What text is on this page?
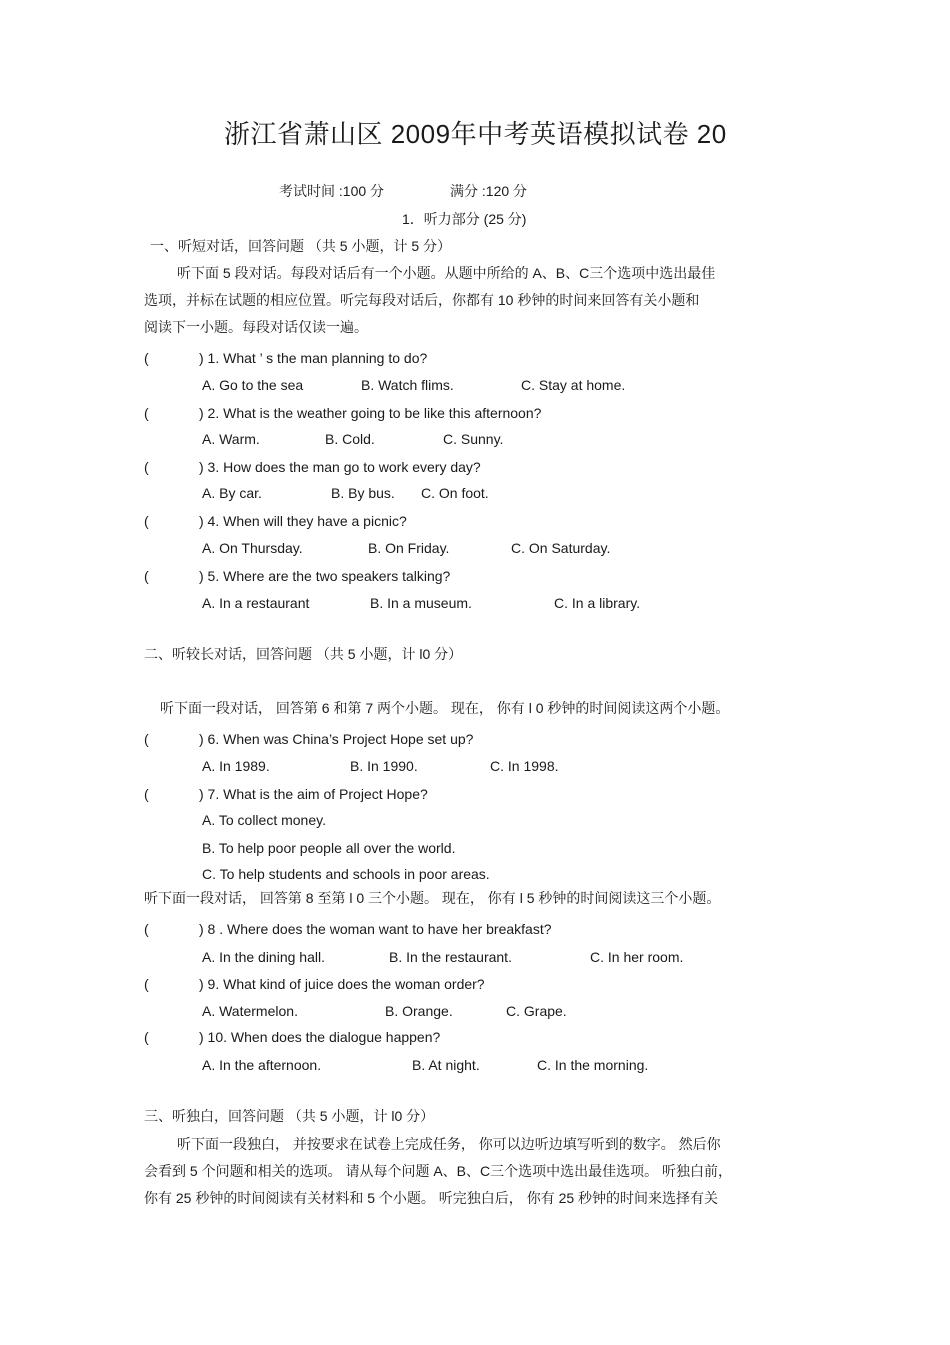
浙江省萧山区 2009年中考英语模拟试卷 20
考试时间 :100 分	满分 :120 分
1．听力部分 (25 分)
一、听短对话，回答问题 （共 5 小题，计 5 分）
听下面 5 段对话。每段对话后有一个小题。从题中所给的 A、B、C三个选项中选出最佳
选项，并标在试题的相应位置。听完每段对话后，你都有 10 秒钟的时间来回答有关小题和
阅读下一小题。每段对话仅读一遍。
(	) 1. What ’ s the man planning to do?
A. Go to the sea	B. Watch flims.	C. Stay at home.
(	) 2. What is the weather going to be like this afternoon?
A. Warm.	B. Cold.	C. Sunny.
(	) 3. How does the man go to work every day?
A. By car.	B. By bus. C. On foot.
(	) 4. When will they have a picnic?
A. On Thursday.	B. On Friday.	C. On Saturday.
(	) 5. Where are the two speakers talking?
A. In a restaurant	B. In a museum.	C. In a library.
二、听较长对话，回答问题 （共 5 小题，计 l0 分）
听下面一段对话， 回答第 6 和第 7 两个小题。 现在， 你有 l 0 秒钟的时间阅读这两个小题。
(	) 6. When was China’s Project Hope set up?
A. In 1989.	B. In 1990.	C. In 1998.
(	) 7. What is the aim of Project Hope?
A. To collect money.
B. To help poor people all over the world.
C. To help students and schools in poor areas.
听下面一段对话， 回答第 8 至第 l 0 三个小题。 现在， 你有 l 5 秒钟的时间阅读这三个小题。
(	) 8 . Where does the woman want to have her breakfast?
A. In the dining hall.	B. In the restaurant.	C. In her room.
(	) 9. What kind of juice does the woman order?
A. Watermelon.	B. Orange.	C. Grape.
(	) 10. When does the dialogue happen?
A. In the afternoon.	B. At night.	C. In the morning.
三、听独白，回答问题 （共 5 小题，计 l0 分）
听下面一段独白， 并按要求在试卷上完成任务， 你可以边听边填写听到的数字。 然后你
会看到 5 个问题和相关的选项。 请从每个问题 A、B、C三个选项中选出最佳选项。 听独白前，
你有 25 秒钟的时间阅读有关材料和 5 个小题。 听完独白后， 你有 25 秒钟的时间来选择有关
